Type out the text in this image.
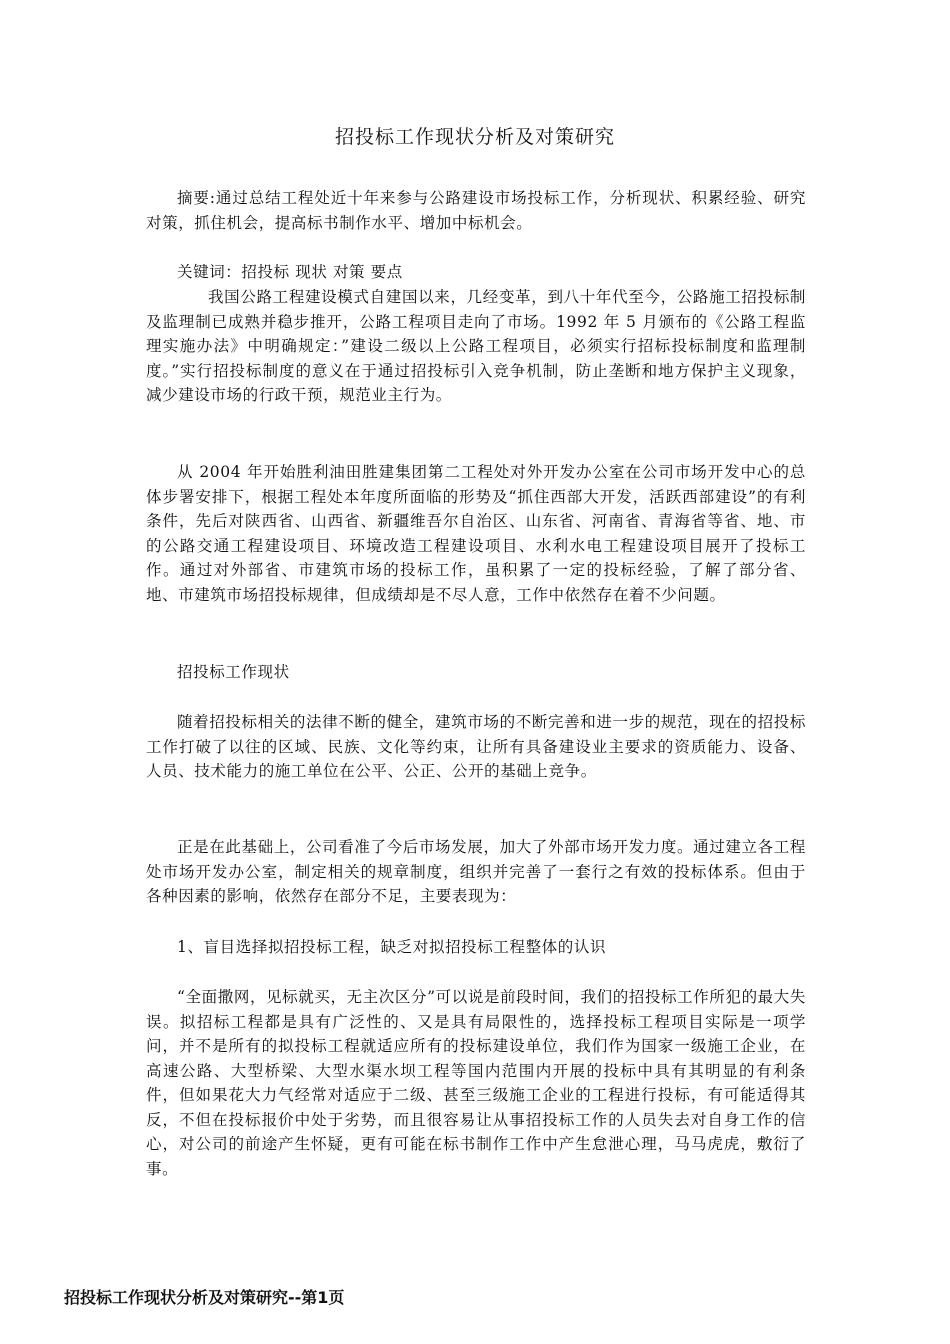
招投标工作现状分析及对策研究

摘要:通过总结工程处近十年来参与公路建设市场投标工作，分析现状、积累经验、研究对策，抓住机会，提高标书制作水平、增加中标机会。

关键词：招投标 现状 对策 要点

我国公路工程建设模式自建国以来，几经变革，到八十年代至今，公路施工招投标制及监理制已成熟并稳步推开，公路工程项目走向了市场。1992 年 5 月颁布的《公路工程监理实施办法》中明确规定：”建设二级以上公路工程项目，必须实行招标投标制度和监理制度。”实行招投标制度的意义在于通过招投标引入竞争机制，防止垄断和地方保护主义现象，减少建设市场的行政干预，规范业主行为。

从 2004 年开始胜利油田胜建集团第二工程处对外开发办公室在公司市场开发中心的总体步署安排下，根据工程处本年度所面临的形势及“抓住西部大开发，活跃西部建设”的有利条件，先后对陕西省、山西省、新疆维吾尔自治区、山东省、河南省、青海省等省、地、市的公路交通工程建设项目、环境改造工程建设项目、水利水电工程建设项目展开了投标工作。通过对外部省、市建筑市场的投标工作，虽积累了一定的投标经验，了解了部分省、地、市建筑市场招投标规律，但成绩却是不尽人意，工作中依然存在着不少问题。

招投标工作现状

随着招投标相关的法律不断的健全，建筑市场的不断完善和进一步的规范，现在的招投标工作打破了以往的区域、民族、文化等约束，让所有具备建设业主要求的资质能力、设备、人员、技术能力的施工单位在公平、公正、公开的基础上竞争。

正是在此基础上，公司看准了今后市场发展，加大了外部市场开发力度。通过建立各工程处市场开发办公室，制定相关的规章制度，组织并完善了一套行之有效的投标体系。但由于各种因素的影响，依然存在部分不足，主要表现为：

1、盲目选择拟招投标工程，缺乏对拟招投标工程整体的认识

“全面撒网，见标就买，无主次区分”可以说是前段时间，我们的招投标工作所犯的最大失误。拟招标工程都是具有广泛性的、又是具有局限性的，选择投标工程项目实际是一项学问，并不是所有的拟投标工程就适应所有的投标建设单位，我们作为国家一级施工企业，在高速公路、大型桥梁、大型水渠水坝工程等国内范围内开展的投标中具有其明显的有利条件，但如果花大力气经常对适应于二级、甚至三级施工企业的工程进行投标，有可能适得其反，不但在投标报价中处于劣势，而且很容易让从事招投标工作的人员失去对自身工作的信心，对公司的前途产生怀疑，更有可能在标书制作工作中产生怠泄心理，马马虎虎，敷衍了事。

招投标工作现状分析及对策研究--第1页
